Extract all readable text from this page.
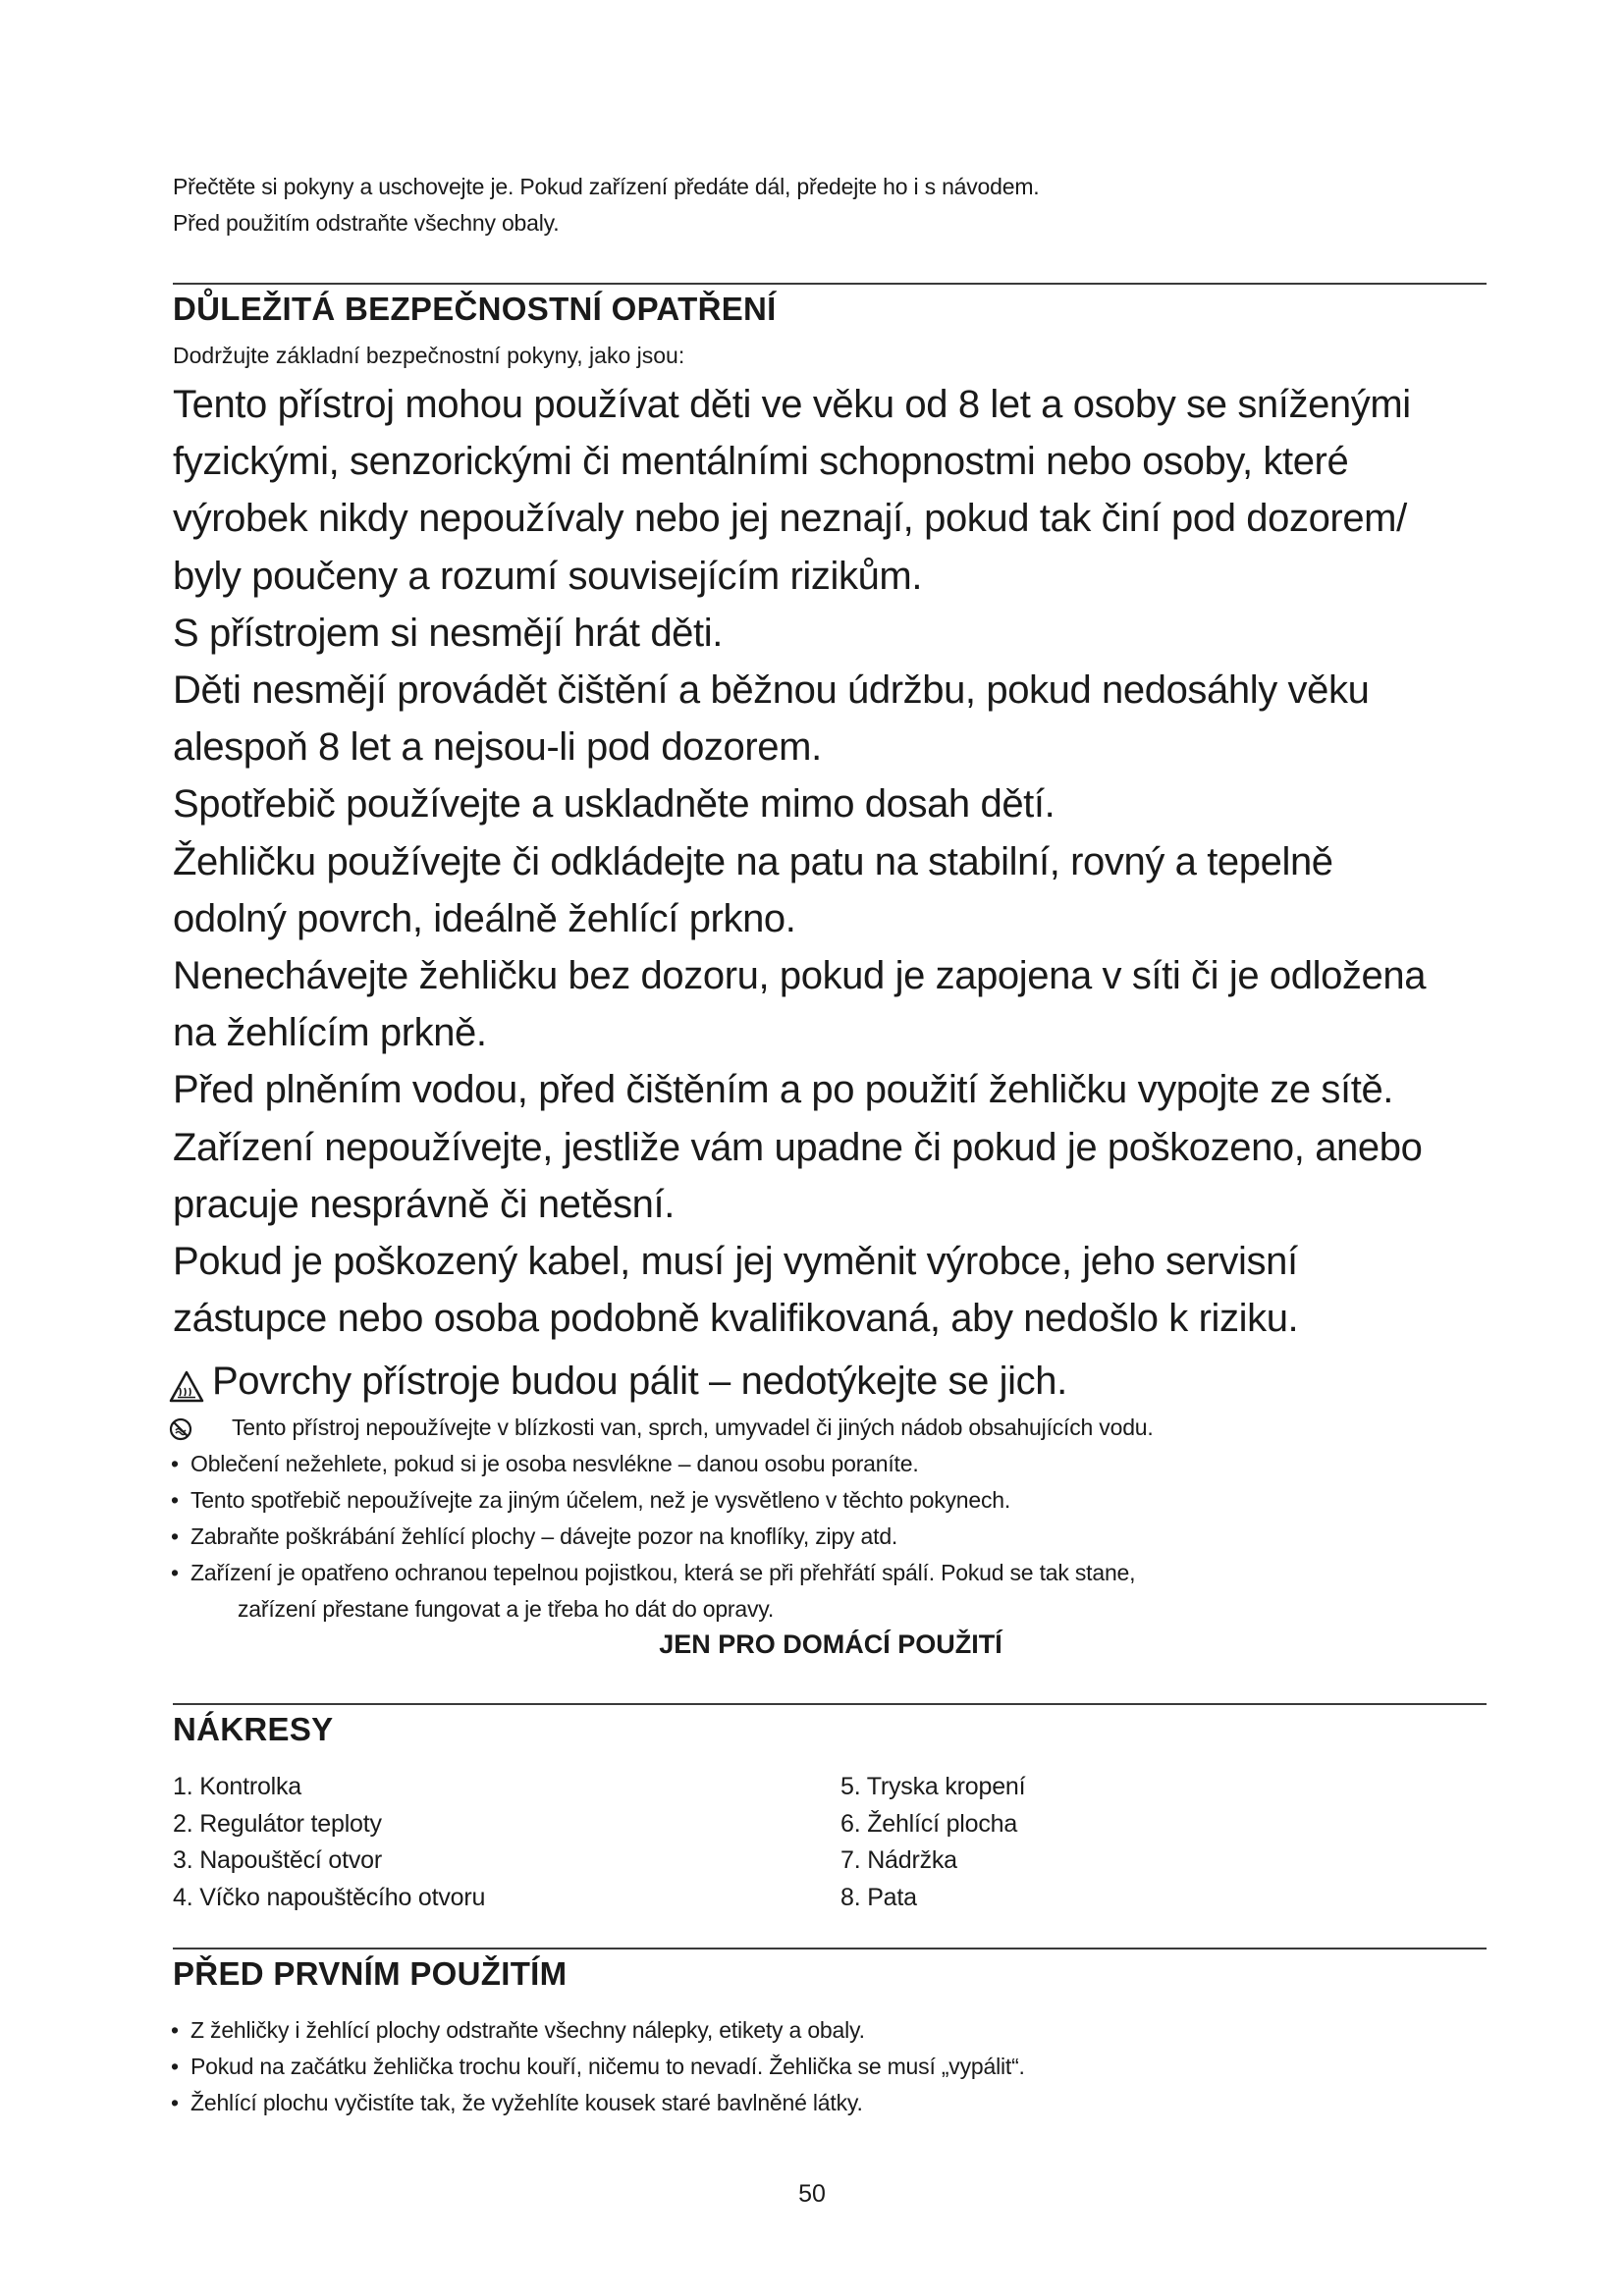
Přečtěte si pokyny a uschovejte je. Pokud zařízení předáte dál, předejte ho i s návodem.

Před použitím odstraňte všechny obaly.

DŮLEŽITÁ BEZPEČNOSTNÍ OPATŘENÍ

Dodržujte základní bezpečnostní pokyny, jako jsou:

Tento přístroj mohou používat děti ve věku od 8 let a osoby se sníženými

fyzickými, senzorickými či mentálními schopnostmi nebo osoby, které

výrobek nikdy nepoužívaly nebo jej neznají, pokud tak činí pod dozorem/

byly poučeny a rozumí souvisejícím rizikům.

S přístrojem si nesmějí hrát děti.

Děti nesmějí provádět čištění a běžnou údržbu, pokud nedosáhly věku

alespoň 8 let a nejsou-li pod dozorem.

Spotřebič používejte a uskladněte mimo dosah dětí.

Žehličku používejte či odkládejte na patu na stabilní, rovný a tepelně

odolný povrch, ideálně žehlící prkno.

Nenechávejte žehličku bez dozoru, pokud je zapojena v síti či je odložena

na žehlícím prkně.

Před plněním vodou, před čištěním a po použití žehličku vypojte ze sítě.

Zařízení nepoužívejte, jestliže vám upadne či pokud je poškozeno, anebo

pracuje nesprávně či netěsní.

Pokud je poškozený kabel, musí jej vyměnit výrobce, jeho servisní

zástupce nebo osoba podobně kvalifikovaná, aby nedošlo k riziku.

Povrchy přístroje budou pálit – nedotýkejte se jich.

Tento přístroj nepoužívejte v blízkosti van, sprch, umyvadel či jiných nádob obsahujících vodu.
• Oblečení nežehlete, pokud si je osoba nesvlékne – danou osobu poraníte.
• Tento spotřebič nepoužívejte za jiným účelem, než je vysvětleno v těchto pokynech.
• Zabraňte poškrábání žehlící plochy – dávejte pozor na knoflíky, zipy atd.
• Zařízení je opatřeno ochranou tepelnou pojistkou, která se při přehřátí spálí. Pokud se tak stane,
zařízení přestane fungovat a je třeba ho dát do opravy.

JEN PRO DOMÁCÍ POUŽITÍ

NÁKRESY
1. Kontrolka
2. Regulátor teploty
3. Napouštěcí otvor
4. Víčko napouštěcího otvoru
5. Tryska kropení
6. Žehlící plocha
7. Nádržka
8. Pata
PŘED PRVNÍM POUŽITÍM
• Z žehličky i žehlící plochy odstraňte všechny nálepky, etikety a obaly.
• Pokud na začátku žehlička trochu kouří, ničemu to nevadí. Žehlička se musí „vypálit“.
• Žehlící plochu vyčistíte tak, že vyžehlíte kousek staré bavlněné látky.

50
